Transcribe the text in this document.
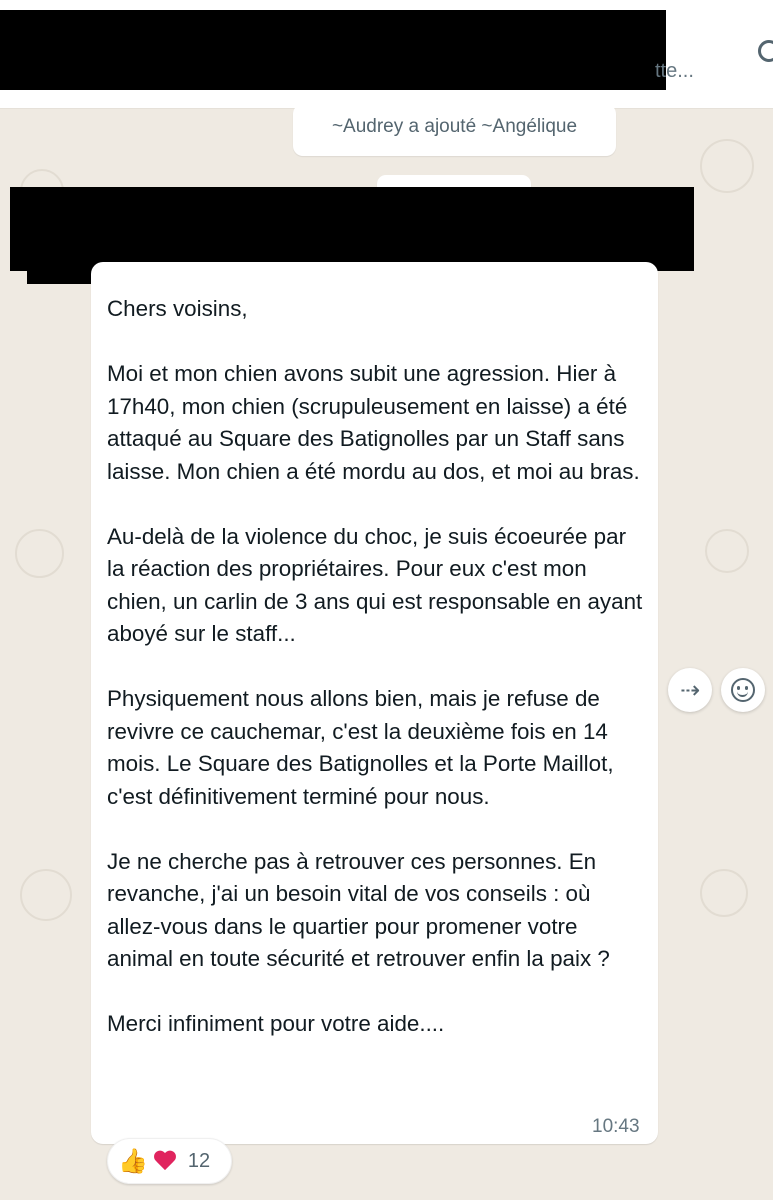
tte...
~Audrey a ajouté ~Angélique
Chers voisins,

Moi et mon chien avons subit une agression. Hier à 17h40, mon chien (scrupuleusement en laisse) a été attaqué au Square des Batignolles par un Staff sans laisse. Mon chien a été mordu au dos, et moi au bras.

Au-delà de la violence du choc, je suis écoeurée par la réaction des propriétaires. Pour eux c'est mon chien, un carlin de 3 ans qui est responsable en ayant aboyé sur le staff...

Physiquement nous allons bien, mais je refuse de revivre ce cauchemar, c'est la deuxième fois en 14 mois. Le Square des Batignolles et la Porte Maillot, c'est définitivement terminé pour nous.

Je ne cherche pas à retrouver ces personnes. En revanche, j'ai un besoin vital de vos conseils : où allez-vous dans le quartier pour promener votre animal en toute sécurité et retrouver enfin la paix ?

Merci infiniment pour votre aide....
10:43
👍 12
⇢
